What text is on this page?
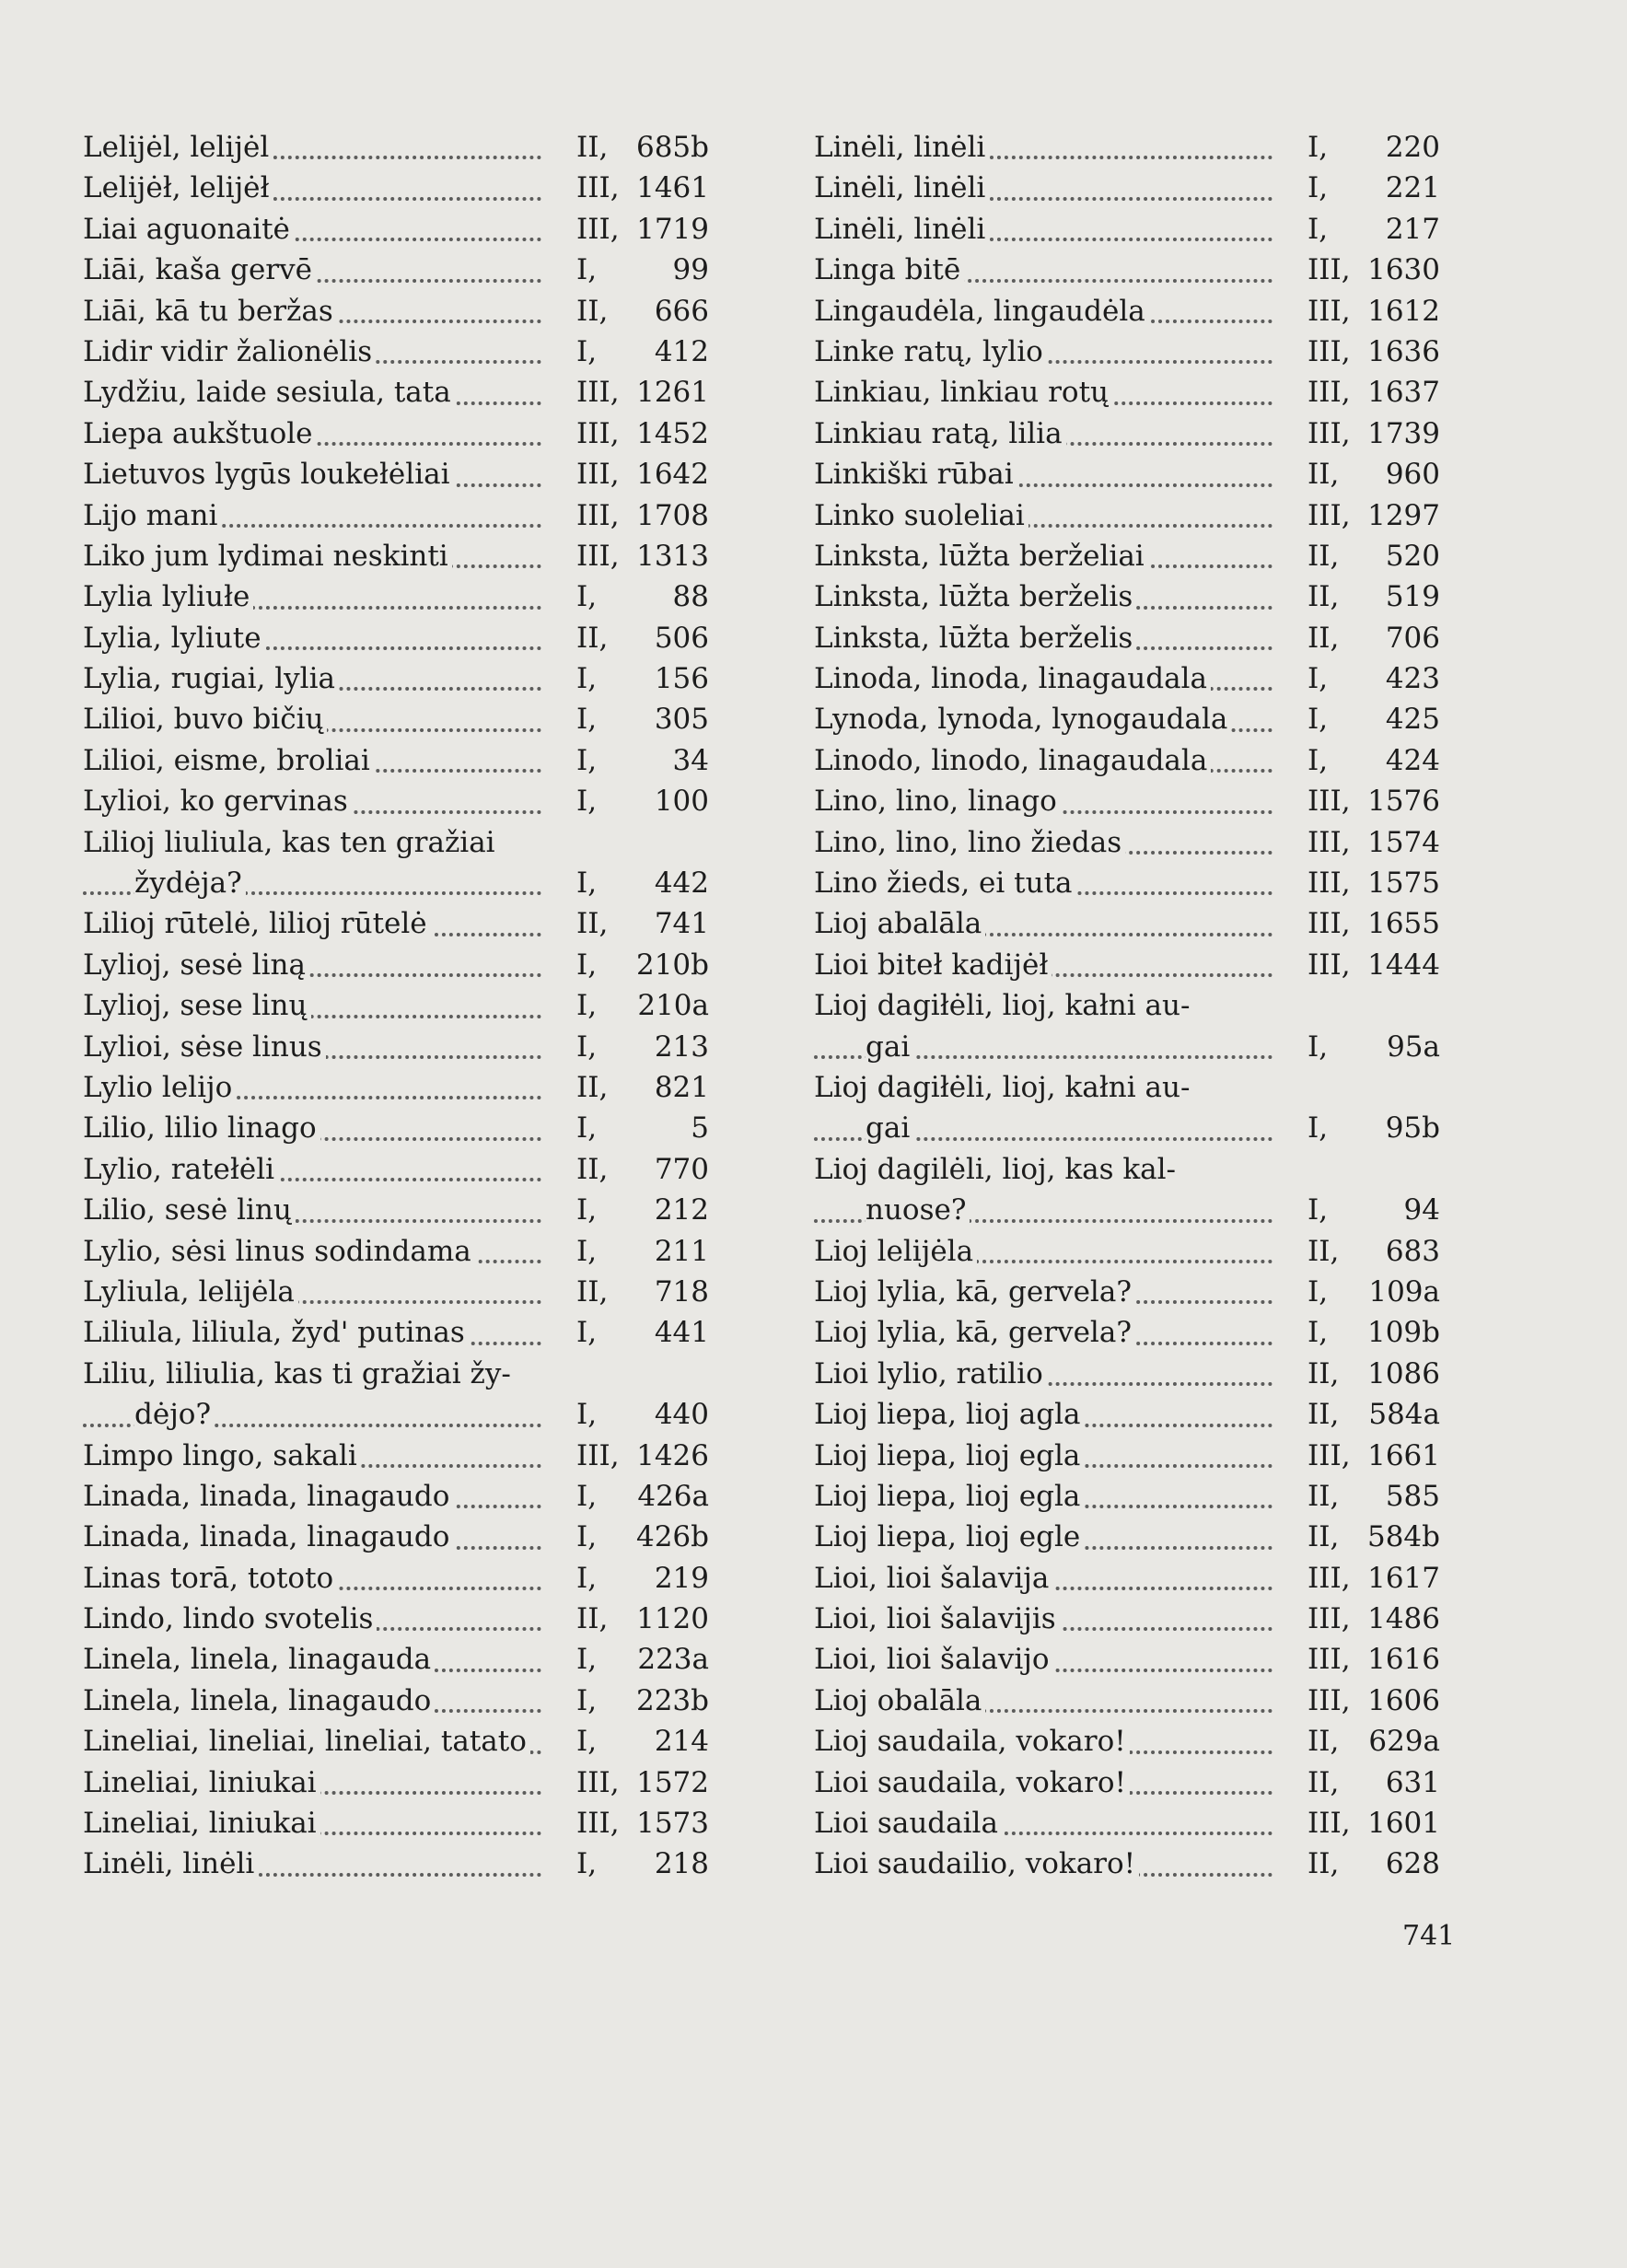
Lelijėl, lelijėl	II, 685b
Lelijėł, lelijėł	III, 1461
Liai aguonaitė	III, 1719
Liāi, kaša gervē	I,	99
Liāi, kā tu beržas	II, 666
Lidir vidir žalionėlis	I, 412
Lydžiu, laide sesiula, tata	III, 1261
Liepa aukštuole	III, 1452
Lietuvos lygūs loukełėliai	III, 1642
Lijo mani	III, 1708
Liko jum lydimai neskinti	III, 1313
Lylia lyliułe	I,	88
Lylia, lyliute	II, 506
Lylia, rugiai, lylia	I, 156
Lilioi, buvo bičių	I, 305
Lilioi, eisme, broliai	I,	34
Lylioi, ko gervinas	I, 100
Lilioj liuliula, kas ten gražiai
žydėja?	I, 442
Lilioj rūtelė, lilioj rūtelė	II, 741
Lylioj, sesė liną	I, 210b
Lylioj, sese linų	I, 210a
Lylioi, sėse linus	I, 213
Lylio lelijo	II, 821
Lilio, lilio linago	I,	5
Lylio, ratełėli	II, 770
Lilio, sesė linų	I, 212
Lylio, sėsi linus sodindama	I, 211
Lyliula, lelijėla	II, 718
Liliula, liliula, žyd' putinas	I, 441
Liliu, liliulia, kas ti gražiai žy-
dėjo?	I, 440
Limpo lingo, sakali	III, 1426
Linada, linada, linagaudo	I, 426a
Linada, linada, linagaudo	I, 426b
Linas torā, tototo	I, 219
Lindo, lindo svotelis	II, 1120
Linela, linela, linagauda	I, 223a
Linela, linela, linagaudo	I, 223b
Lineliai, lineliai, lineliai, tatato I, 214
Lineliai, liniukai	III, 1572
Lineliai, liniukai	III, 1573
Linėli, linėli	I, 218
Linėli, linėli	I, 220
Linėli, linėli	I, 221
Linėli, linėli	I, 217
Linga bitē	III, 1630
Lingaudėla, lingaudėla	III, 1612
Linke ratų, lylio	III, 1636
Linkiau, linkiau rotų	III, 1637
Linkiau ratą, lilia	III, 1739
Linkiški rūbai	II, 960
Linko suoleliai	III, 1297
Linksta, lūžta berželiai	II, 520
Linksta, lūžta berželis	II, 519
Linksta, lūžta berželis	II, 706
Linoda, linoda, linagaudala	I, 423
Lynoda, lynoda, lynogaudala	I, 425
Linodo, linodo, linagaudala	I, 424
Lino, lino, linago	III, 1576
Lino, lino, lino žiedas	III, 1574
Lino žieds, ei tuta	III, 1575
Lioj abalāla	III, 1655
Lioi biteł kadijėł	III, 1444
Lioj dagiłėli, lioj, kałni au-
gai	I, 95a
Lioj dagiłėli, lioj, kałni au-
gai	I, 95b
Lioj dagilėli, lioj, kas kal-
nuose?	I,	94
Lioj lelijėla	II, 683
Lioj lylia, kā, gervela?	I, 109a
Lioj lylia, kā, gervela?	I, 109b
Lioi lylio, ratilio	II, 1086
Lioj liepa, lioj agla	II, 584a
Lioj liepa, lioj egla	III, 1661
Lioj liepa, lioj egla	II, 585
Lioj liepa, lioj egle	II, 584b
Lioi, lioi šalavija	III, 1617
Lioi, lioi šalavijis	III, 1486
Lioi, lioi šalavijo	III, 1616
Lioj obalāla	III, 1606
Lioj saudaila, vokaro!	II, 629a
Lioi saudaila, vokaro!	II, 631
Lioi saudaila	III, 1601
Lioi saudailio, vokaro!	II, 628
741
